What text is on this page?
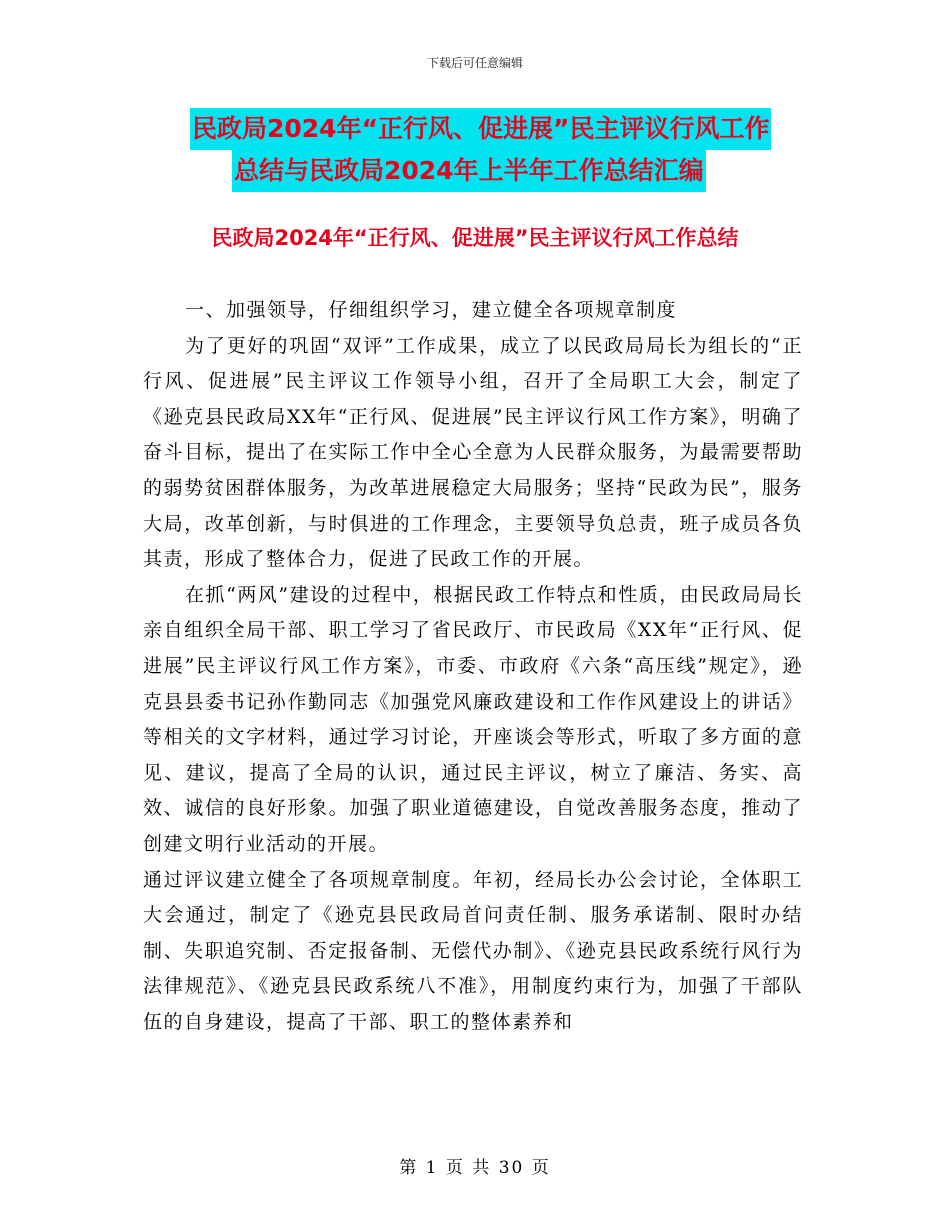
下载后可任意编辑
民政局2024年“正行风、促进展”民主评议行风工作
总结与民政局2024年上半年工作总结汇编
民政局2024年“正行风、促进展”民主评议行风工作总结

一、加强领导，仔细组织学习，建立健全各项规章制度

为了更好的巩固“双评”工作成果，成立了以民政局局长为组长的“正行风、促进展”民主评议工作领导小组，召开了全局职工大会，制定了《逊克县民政局XX年“正行风、促进展”民主评议行风工作方案》，明确了奋斗目标，提出了在实际工作中全心全意为人民群众服务，为最需要帮助的弱势贫困群体服务，为改革进展稳定大局服务；坚持“民政为民”，服务大局，改革创新，与时俱进的工作理念，主要领导负总责，班子成员各负其责，形成了整体合力，促进了民政工作的开展。

在抓“两风”建设的过程中，根据民政工作特点和性质，由民政局局长亲自组织全局干部、职工学习了省民政厅、市民政局《XX年“正行风、促进展”民主评议行风工作方案》，市委、市政府《六条“高压线”规定》，逊克县县委书记孙作勤同志《加强党风廉政建设和工作作风建设上的讲话》等相关的文字材料，通过学习讨论，开座谈会等形式，听取了多方面的意见、建议，提高了全局的认识，通过民主评议，树立了廉洁、务实、高效、诚信的良好形象。加强了职业道德建设，自觉改善服务态度，推动了创建文明行业活动的开展。

通过评议建立健全了各项规章制度。年初，经局长办公会讨论，全体职工大会通过，制定了《逊克县民政局首问责任制、服务承诺制、限时办结制、失职追究制、否定报备制、无偿代办制》、《逊克县民政系统行风行为法律规范》、《逊克县民政系统八不准》，用制度约束行为，加强了干部队伍的自身建设，提高了干部、职工的整体素养和

第 1 页 共 30 页
